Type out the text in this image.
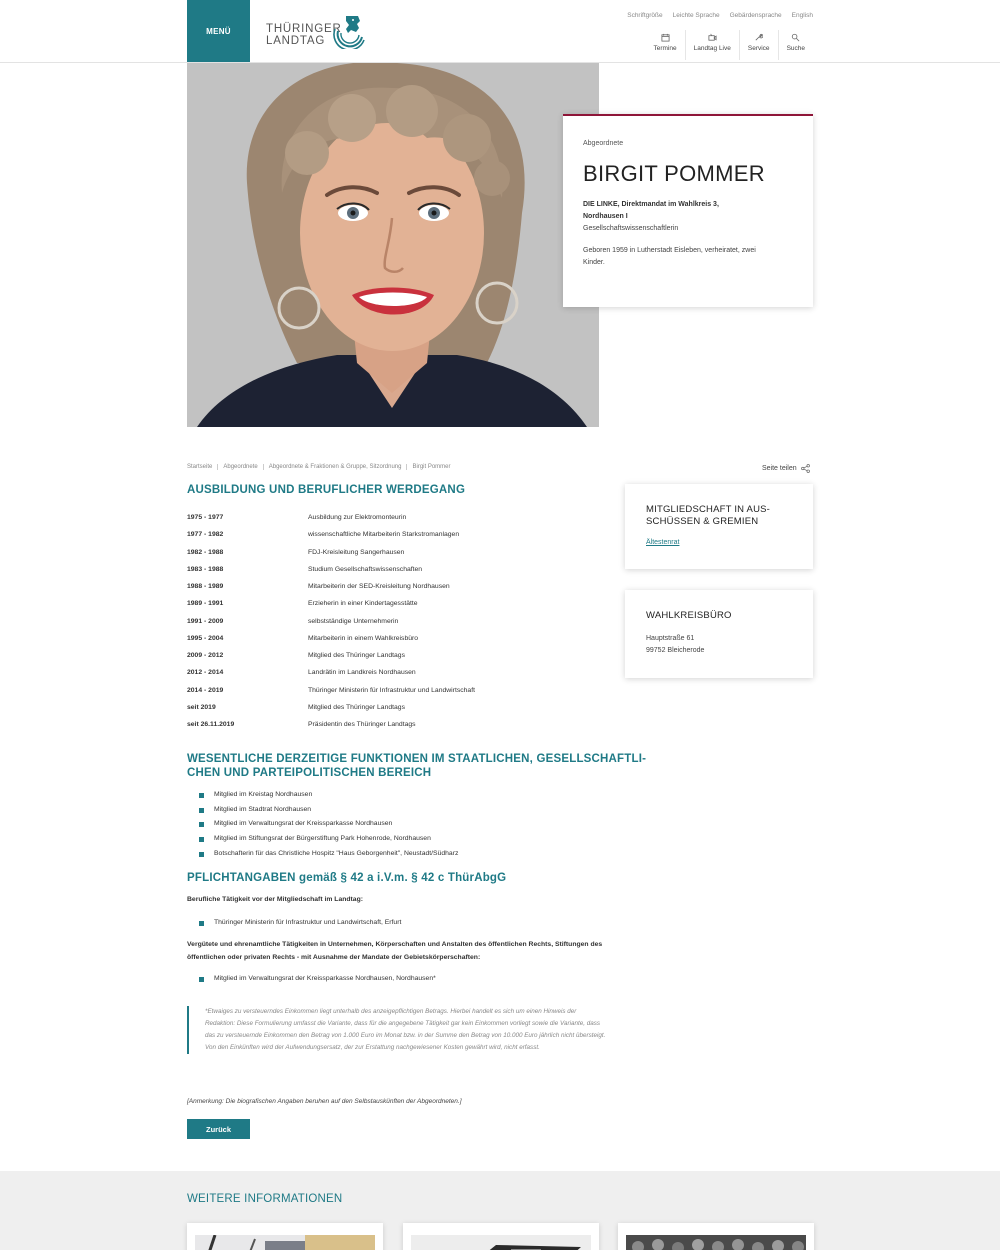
MENÜ	THÜRINGER
LANDTAG
Schriftgröße Leichte Sprache Gebärdensprache English
Termine	Landtag Live	Service	Suche
Abgeordnete
BIRGIT POMMER
DIE LINKE, Direktmandat im Wahlkreis 3, Nordhausen I
Gesellschaftswissenschaftlerin
Geboren 1959 in Lutherstadt Eisleben, verheiratet, zwei Kinder.
Startseite	Abgeordnete	Abgeordnete & Fraktionen & Gruppe, Sitzordnung	Birgit Pommer	Seite teilen
AUSBILDUNG UND BERUFLICHER WERDEGANG
1975 - 1977	Ausbildung zur Elektromonteurin
1977 - 1982	wissenschaftliche Mitarbeiterin Starkstromanlagen
1982 - 1988	FDJ-Kreisleitung Sangerhausen
1983 - 1988	Studium Gesellschaftswissenschaften
1988 - 1989	Mitarbeiterin der SED-Kreisleitung Nordhausen
1989 - 1991	Erzieherin in einer Kindertagesstätte
1991 - 2009	selbstständige Unternehmerin
1995 - 2004	Mitarbeiterin in einem Wahlkreisbüro
2009 - 2012	Mitglied des Thüringer Landtags
2012 - 2014	Landrätin im Landkreis Nordhausen
2014 - 2019	Thüringer Ministerin für Infrastruktur und Landwirtschaft
seit 2019	Mitglied des Thüringer Landtags
seit 26.11.2019	Präsidentin des Thüringer Landtags
WESENTLICHE DERZEITIGE FUNKTIONEN IM STAATLICHEN, GESELLSCHAFTLI-
CHEN UND PARTEIPOLITISCHEN BEREICH
Mitglied im Kreistag Nordhausen
Mitglied im Stadtrat Nordhausen
Mitglied im Verwaltungsrat der Kreissparkasse Nordhausen
Mitglied im Stiftungsrat der Bürgerstiftung Park Hohenrode, Nordhausen
Botschafterin für das Christliche Hospitz "Haus Geborgenheit", Neustadt/Südharz
PFLICHTANGABEN gemäß § 42 a i.V.m. § 42 c ThürAbgG
Berufliche Tätigkeit vor der Mitgliedschaft im Landtag:
Thüringer Ministerin für Infrastruktur und Landwirtschaft, Erfurt
Vergütete und ehrenamtliche Tätigkeiten in Unternehmen, Körperschaften und Anstalten des öffentlichen Rechts, Stiftungen des öffentlichen oder privaten Rechts - mit Ausnahme der Mandate der Gebietskörperschaften:
Mitglied im Verwaltungsrat der Kreissparkasse Nordhausen, Nordhausen*
*Etwaiges zu versteuerndes Einkommen liegt unterhalb des anzeigepflichtigen Betrags. Hierbei handelt es sich um einen Hinweis der Redaktion: Diese Formulierung umfasst die Variante, dass für die angegebene Tätigkeit gar kein Einkommen vorliegt sowie die Variante, dass das zu versteuernde Einkommen den Betrag von 1.000 Euro im Monat bzw. in der Summe den Betrag von 10.000 Euro jährlich nicht übersteigt. Von den Einkünften wird der Aufwendungsersatz, der zur Erstattung nachgewiesener Kosten gewährt wird, nicht erfasst.
[Anmerkung: Die biografischen Angaben beruhen auf den Selbstauskünften der Abgeordneten.]
Zurück
MITGLIEDSCHAFT IN AUS-
SCHÜSSEN & GREMIEN
Ältestenrat
WAHLKREISBÜRO
Hauptstraße 61
99752 Bleicherode
WEITERE INFORMATIONEN
